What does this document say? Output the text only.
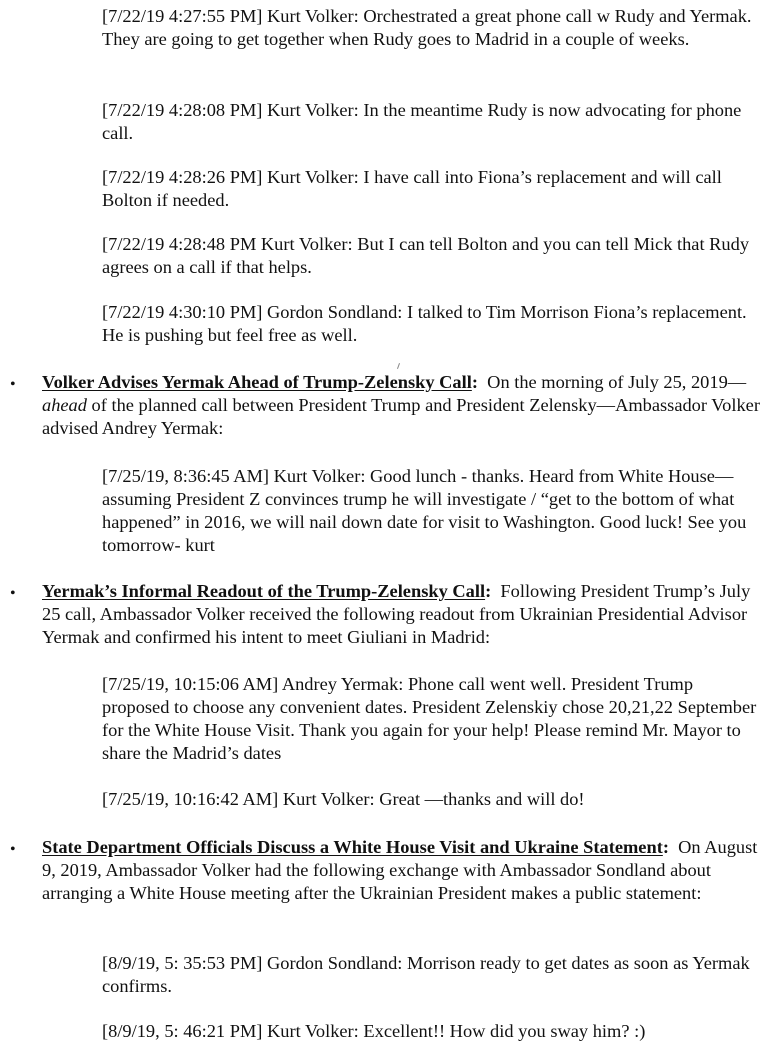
[7/22/19 4:27:55 PM] Kurt Volker: Orchestrated a great phone call w Rudy and Yermak. They are going to get together when Rudy goes to Madrid in a couple of weeks.

[7/22/19 4:28:08 PM] Kurt Volker: In the meantime Rudy is now advocating for phone call.

[7/22/19 4:28:26 PM] Kurt Volker: I have call into Fiona’s replacement and will call Bolton if needed.

[7/22/19 4:28:48 PM Kurt Volker: But I can tell Bolton and you can tell Mick that Rudy agrees on a call if that helps.

[7/22/19 4:30:10 PM] Gordon Sondland: I talked to Tim Morrison Fiona’s replacement. He is pushing but feel free as well.

• Volker Advises Yermak Ahead of Trump-Zelensky Call: On the morning of July 25, 2019—ahead of the planned call between President Trump and President Zelensky—Ambassador Volker advised Andrey Yermak:

[7/25/19, 8:36:45 AM] Kurt Volker: Good lunch - thanks. Heard from White House—assuming President Z convinces trump he will investigate / “get to the bottom of what happened” in 2016, we will nail down date for visit to Washington. Good luck! See you tomorrow- kurt

• Yermak’s Informal Readout of the Trump-Zelensky Call: Following President Trump’s July 25 call, Ambassador Volker received the following readout from Ukrainian Presidential Advisor Yermak and confirmed his intent to meet Giuliani in Madrid:

[7/25/19, 10:15:06 AM] Andrey Yermak: Phone call went well. President Trump proposed to choose any convenient dates. President Zelenskiy chose 20,21,22 September for the White House Visit. Thank you again for your help! Please remind Mr. Mayor to share the Madrid’s dates

[7/25/19, 10:16:42 AM] Kurt Volker: Great —thanks and will do!

• State Department Officials Discuss a White House Visit and Ukraine Statement: On August 9, 2019, Ambassador Volker had the following exchange with Ambassador Sondland about arranging a White House meeting after the Ukrainian President makes a public statement:

[8/9/19, 5: 35:53 PM] Gordon Sondland: Morrison ready to get dates as soon as Yermak confirms.

[8/9/19, 5: 46:21 PM] Kurt Volker: Excellent!! How did you sway him? :)
